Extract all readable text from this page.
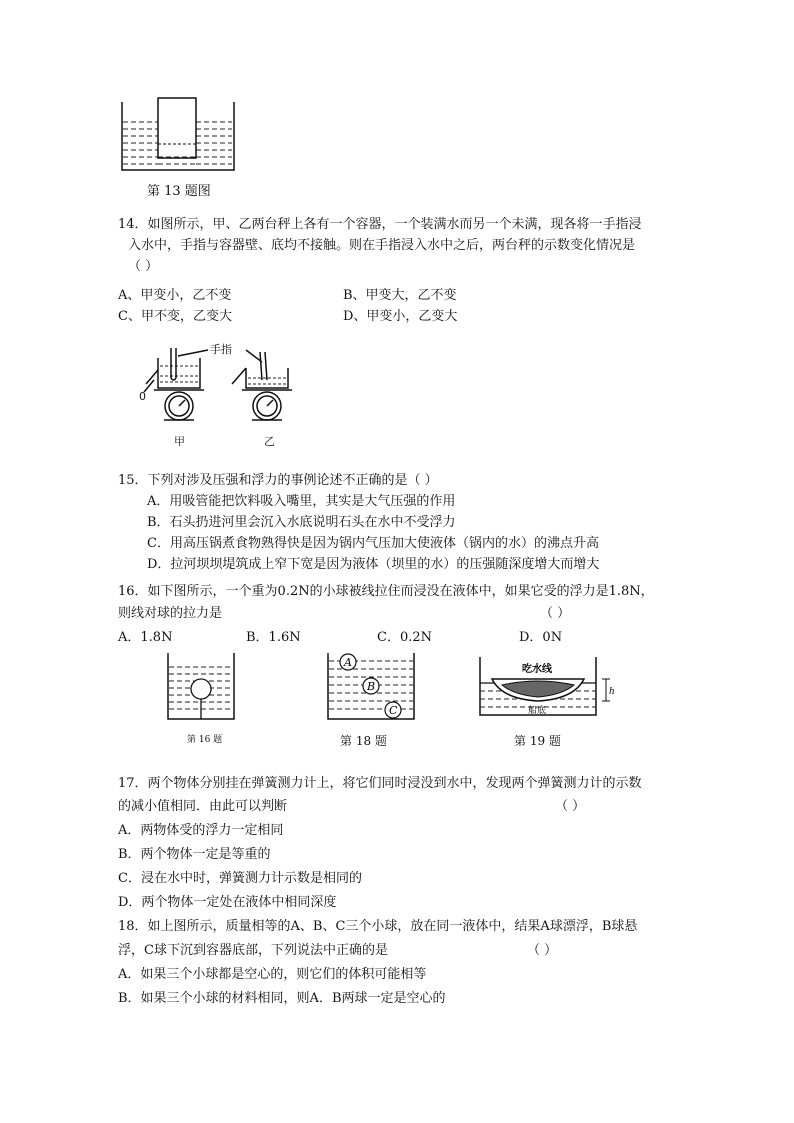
第 13 题图
14．如图所示，甲、乙两台秤上各有一个容器，一个装满水而另一个未满，现各将一手指浸
入水中，手指与容器壁、底均不接触。则在手指浸入水中之后，两台秤的示数变化情况是
（ ）
A、甲变小，乙不变	B、甲变大，乙不变
C、甲不变，乙变大	D、甲变小，乙变大
0
甲	乙
手指
15．下列对涉及压强和浮力的事例论述不正确的是（ ）
A．用吸管能把饮料吸入嘴里，其实是大气压强的作用
B．石头扔进河里会沉入水底说明石头在水中不受浮力
C．用高压锅煮食物熟得快是因为锅内气压加大使液体（锅内的水）的沸点升高
D．拉河坝坝堤筑成上窄下宽是因为液体（坝里的水）的压强随深度增大而增大
16．如下图所示，一个重为0.2N的小球被线拉住而浸没在液体中，如果它受的浮力是1.8N，
则线对球的拉力是	（ ）
A．1.8N	B．1.6N	C．0.2N	D．0N
第 16 题
A
B
C
第 18 题
吃水线
船底
h
第 19 题
17．两个物体分别挂在弹簧测力计上，将它们同时浸没到水中，发现两个弹簧测力计的示数
的减小值相同．由此可以判断	（ ）
A．两物体受的浮力一定相同
B．两个物体一定是等重的
C．浸在水中时，弹簧测力计示数是相同的
D．两个物体一定处在液体中相同深度
18．如上图所示，质量相等的A、B、C三个小球，放在同一液体中，结果A球漂浮，B球悬
浮，C球下沉到容器底部，下列说法中正确的是	（ ）
A．如果三个小球都是空心的，则它们的体积可能相等
B．如果三个小球的材料相同，则A．B两球一定是空心的
